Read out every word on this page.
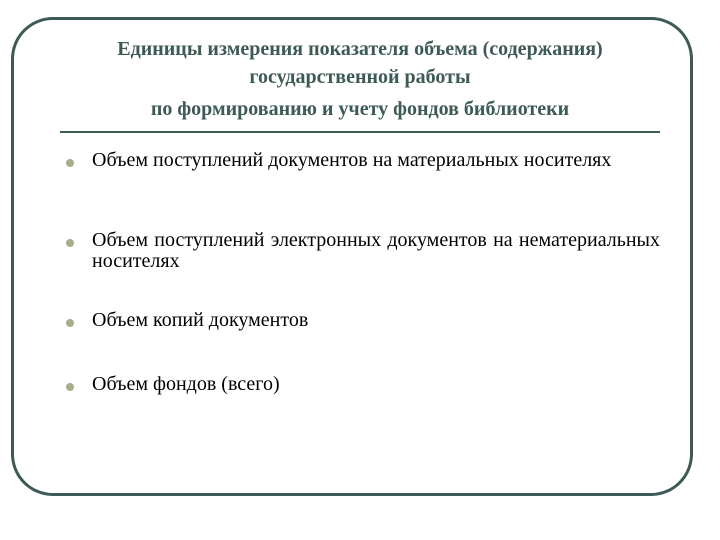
Единицы измерения показателя объема (содержания)
государственной работы
по формированию и учету фондов библиотеки
Объем поступлений документов на материальных носителях
Объем поступлений электронных документов на нематериальных носителях
Объем копий документов
Объем фондов (всего)
